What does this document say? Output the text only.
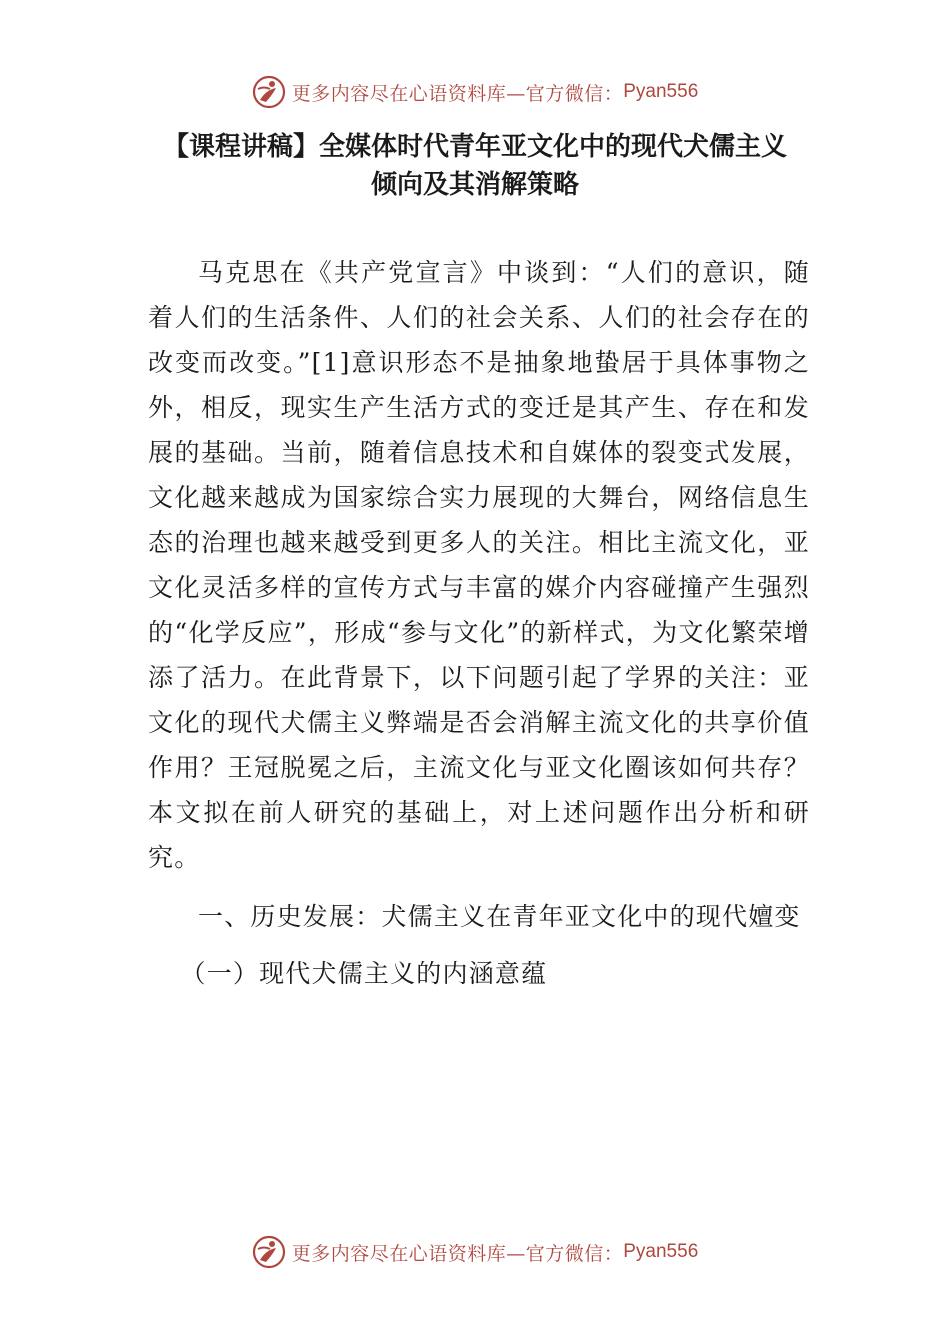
更多内容尽在心语资料库—官方微信： Pyan556
【课程讲稿】全媒体时代青年亚文化中的现代犬儒主义
倾向及其消解策略

马克思在《共产党宣言》中谈到：“人们的意识，随着人们的生活条件、人们的社会关系、人们的社会存在的改变而改变。”[1]意识形态不是抽象地蛰居于具体事物之外，相反，现实生产生活方式的变迁是其产生、存在和发展的基础。当前，随着信息技术和自媒体的裂变式发展，文化越来越成为国家综合实力展现的大舞台，网络信息生态的治理也越来越受到更多人的关注。相比主流文化，亚文化灵活多样的宣传方式与丰富的媒介内容碰撞产生强烈的“化学反应”，形成“参与文化”的新样式，为文化繁荣增添了活力。在此背景下，以下问题引起了学界的关注：亚文化的现代犬儒主义弊端是否会消解主流文化的共享价值作用？王冠脱冕之后，主流文化与亚文化圈该如何共存？本文拟在前人研究的基础上，对上述问题作出分析和研究。

一、历史发展：犬儒主义在青年亚文化中的现代嬗变

（一）现代犬儒主义的内涵意蕴

更多内容尽在心语资料库—官方微信： Pyan556
